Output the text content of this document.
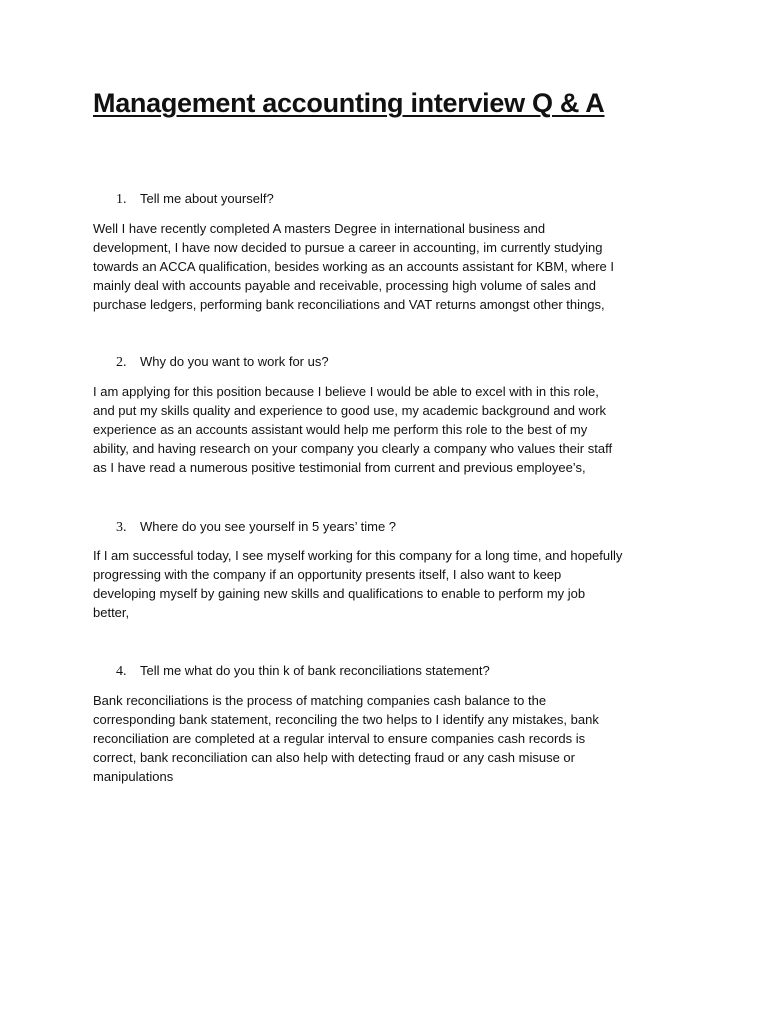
Management accounting interview Q & A

1. Tell me about yourself?

Well I have recently completed A masters Degree in international business and
development, I have now decided to pursue a career in accounting, im currently studying
towards an ACCA qualification, besides working as an accounts assistant for KBM, where I
mainly deal with accounts payable and receivable, processing high volume of sales and
purchase ledgers, performing bank reconciliations and VAT returns amongst other things,

2. Why do you want to work for us?

I am applying for this position because I believe I would be able to excel with in this role,
and put my skills quality and experience to good use, my academic background and work
experience as an accounts assistant would help me perform this role to the best of my
ability, and having research on your company you clearly a company who values their staff
as I have read a numerous positive testimonial from current and previous employee’s,

3. Where do you see yourself in 5 years’ time ?

If I am successful today, I see myself working for this company for a long time, and hopefully
progressing with the company if an opportunity presents itself, I also want to keep
developing myself by gaining new skills and qualifications to enable to perform my job
better,

4. Tell me what do you thin k of bank reconciliations statement?

Bank reconciliations is the process of matching companies cash balance to the
corresponding bank statement, reconciling the two helps to I identify any mistakes, bank
reconciliation are completed at a regular interval to ensure companies cash records is
correct, bank reconciliation can also help with detecting fraud or any cash misuse or
manipulations
